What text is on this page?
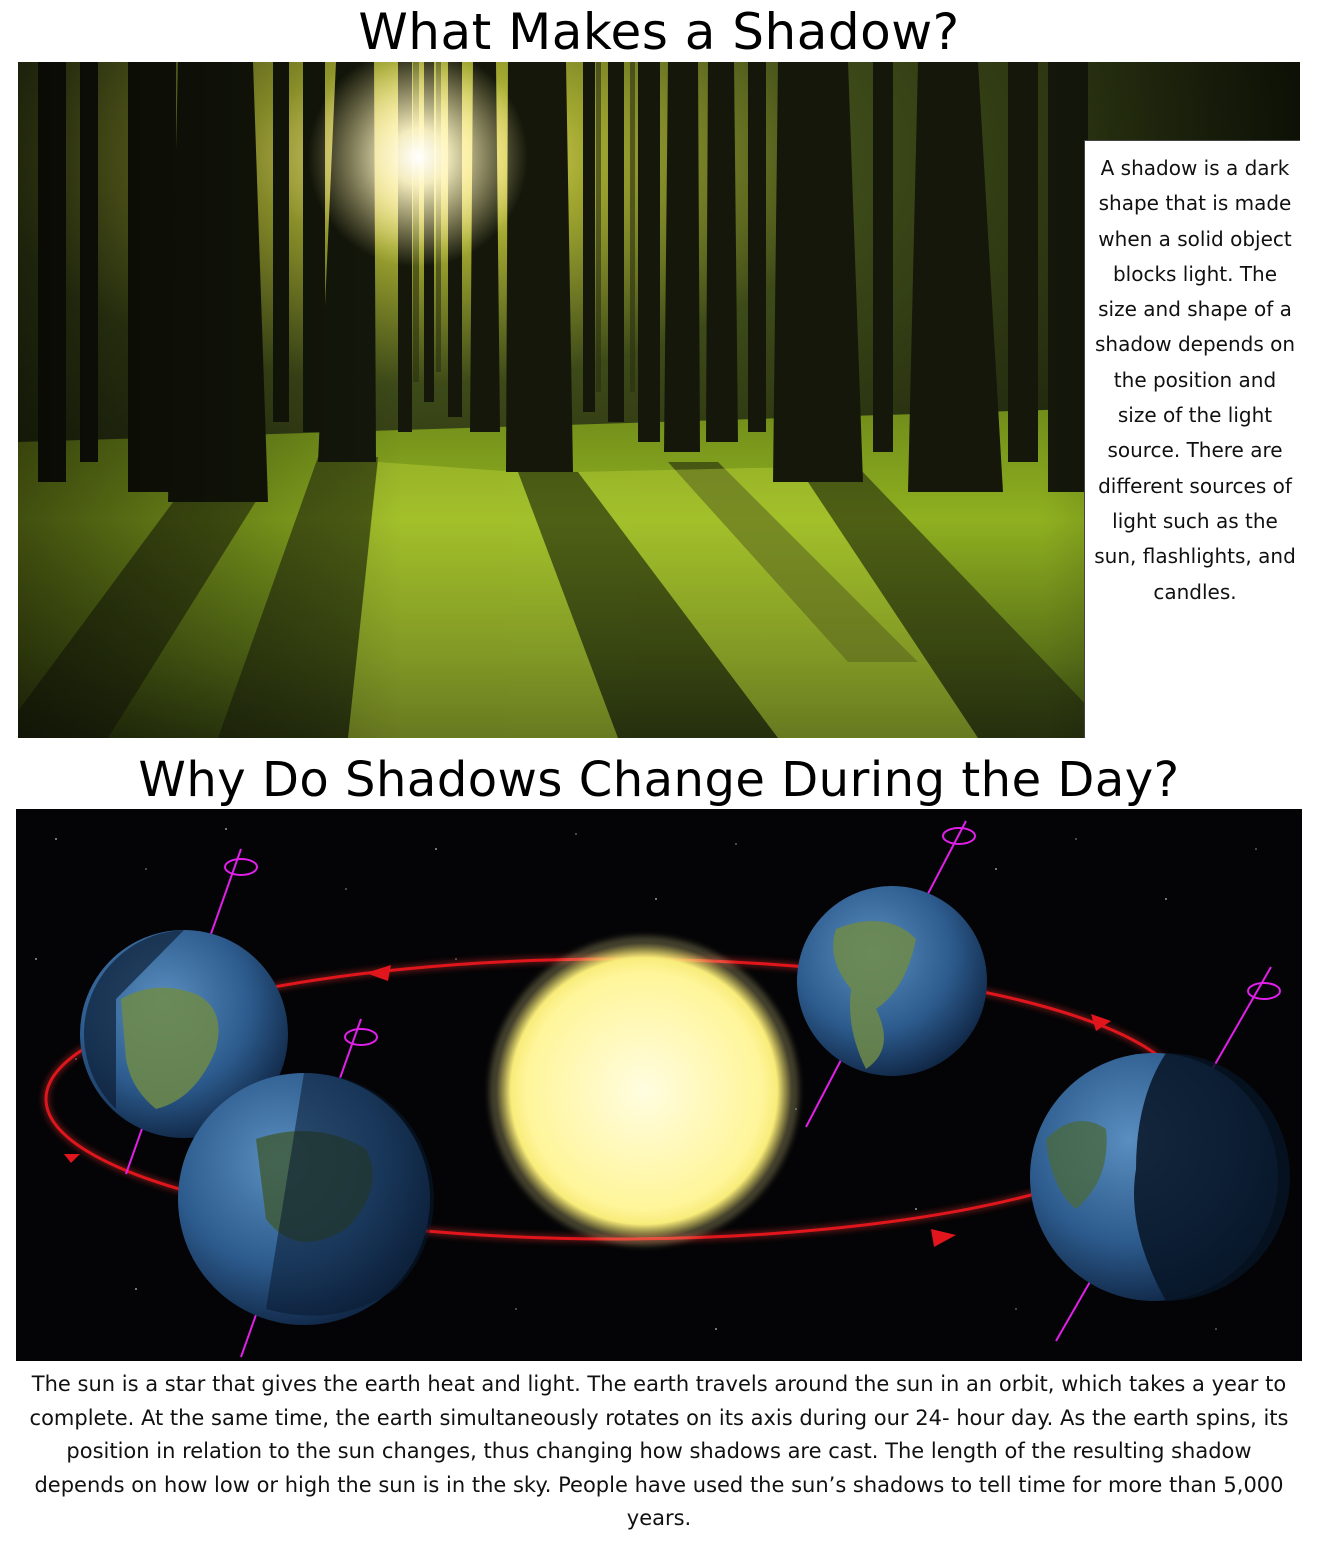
What Makes a Shadow?
A shadow is a dark shape that is made when a solid object blocks light. The size and shape of a shadow depends on the position and size of the light source. There are different sources of light such as the sun, flashlights, and candles.
Why Do Shadows Change During the Day?
The sun is a star that gives the earth heat and light. The earth travels around the sun in an orbit, which takes a year to complete. At the same time, the earth simultaneously rotates on its axis during our 24- hour day. As the earth spins, its position in relation to the sun changes, thus changing how shadows are cast. The length of the resulting shadow depends on how low or high the sun is in the sky. People have used the sun’s shadows to tell time for more than 5,000 years.
